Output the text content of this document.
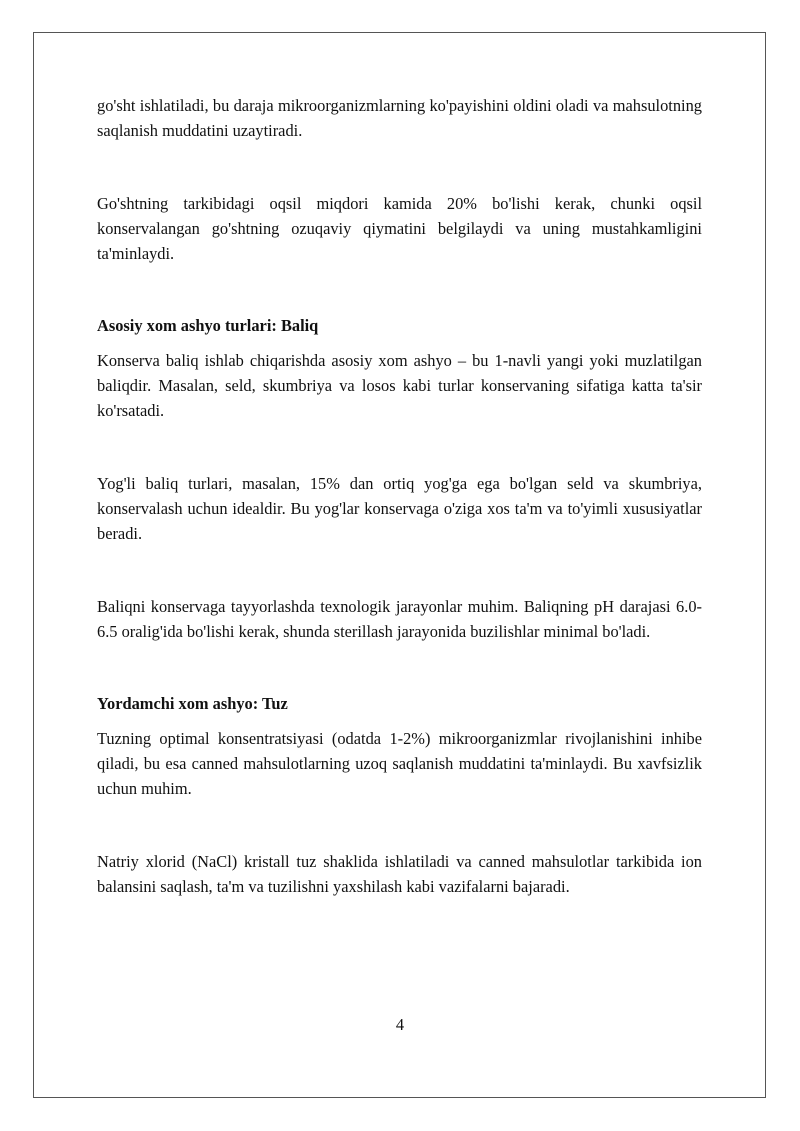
go'sht ishlatiladi, bu daraja mikroorganizmlarning ko'payishini oldini oladi va mahsulotning saqlanish muddatini uzaytiradi.

Go'shtning tarkibidagi oqsil miqdori kamida 20% bo'lishi kerak, chunki oqsil konservalangan go'shtning ozuqaviy qiymatini belgilaydi va uning mustahkamligini ta'minlaydi.

Asosiy xom ashyo turlari: Baliq

Konserva baliq ishlab chiqarishda asosiy xom ashyo – bu 1-navli yangi yoki muzlatilgan baliqdir. Masalan, seld, skumbriya va losos kabi turlar konservaning sifatiga katta ta'sir ko'rsatadi.

Yog'li baliq turlari, masalan, 15% dan ortiq yog'ga ega bo'lgan seld va skumbriya, konservalash uchun idealdir. Bu yog'lar konservaga o'ziga xos ta'm va to'yimli xususiyatlar beradi.

Baliqni konservaga tayyorlashda texnologik jarayonlar muhim. Baliqning pH darajasi 6.0-6.5 oralig'ida bo'lishi kerak, shunda sterillash jarayonida buzilishlar minimal bo'ladi.

Yordamchi xom ashyo: Tuz

Tuzning optimal konsentratsiyasi (odatda 1-2%) mikroorganizmlar rivojlanishini inhibe qiladi, bu esa canned mahsulotlarning uzoq saqlanish muddatini ta'minlaydi. Bu xavfsizlik uchun muhim.

Natriy xlorid (NaCl) kristall tuz shaklida ishlatiladi va canned mahsulotlar tarkibida ion balansini saqlash, ta'm va tuzilishni yaxshilash kabi vazifalarni bajaradi.

4
